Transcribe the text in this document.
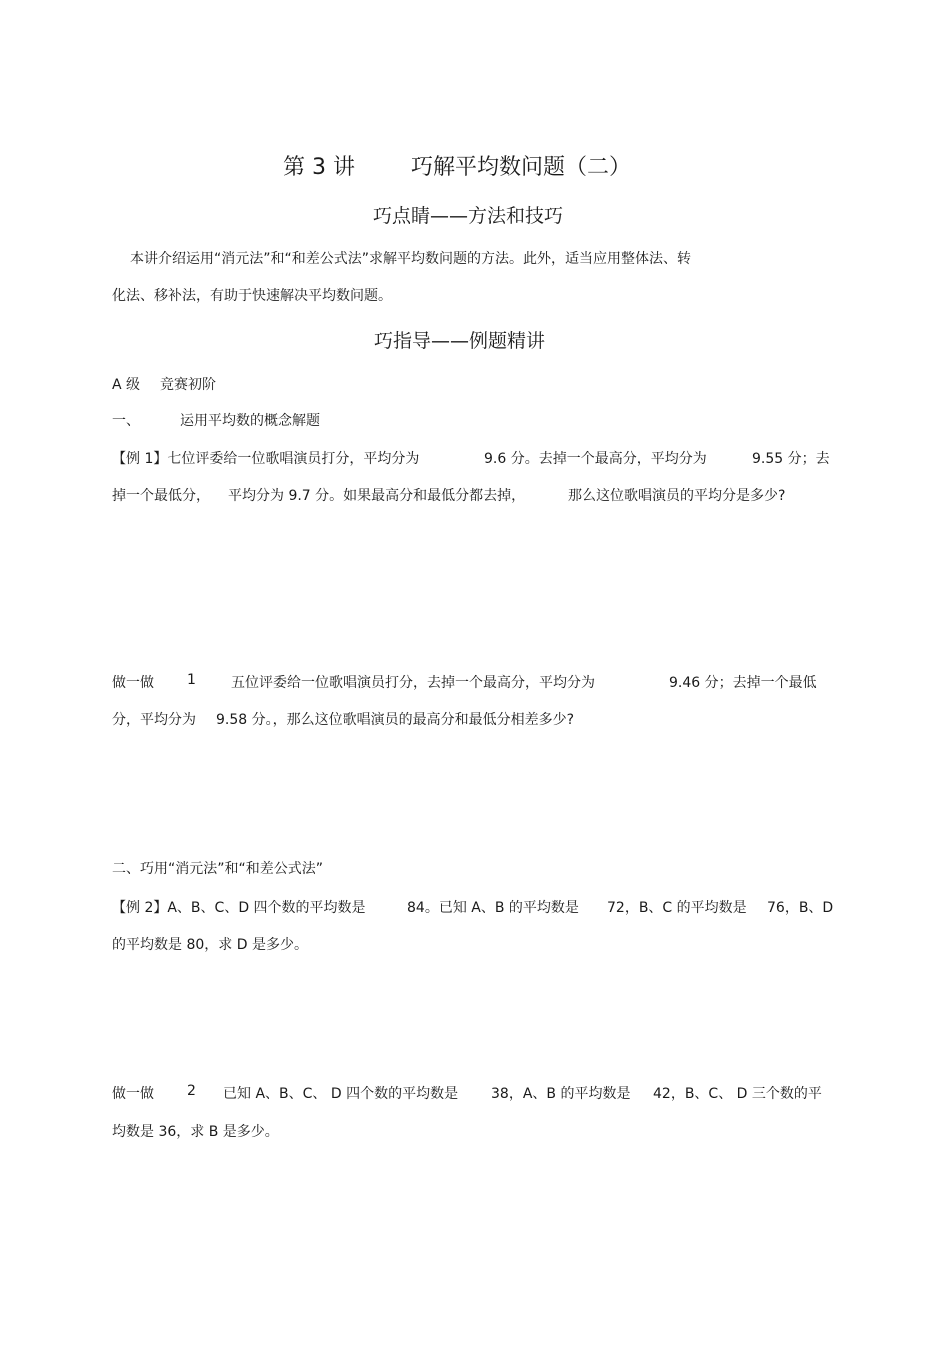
第 3 讲	巧解平均数问题（二）
巧点睛——方法和技巧
本讲介绍运用“消元法”和“和差公式法”求解平均数问题的方法。此外，适当应用整体法、转
化法、移补法，有助于快速解决平均数问题。
巧指导——例题精讲
A 级 竞赛初阶
一、	运用平均数的概念解题
【例 1】七位评委给一位歌唱演员打分，平均分为	9.6 分。去掉一个最高分，平均分为	9.55 分；去
掉一个最低分， 平均分为 9.7 分。如果最高分和最低分都去掉，	那么这位歌唱演员的平均分是多少?
做一做 1	五位评委给一位歌唱演员打分，去掉一个最高分，平均分为	9.46 分；去掉一个最低
分，平均分为 9.58 分。，那么这位歌唱演员的最高分和最低分相差多少?
二、巧用“消元法”和“和差公式法”
【例 2】A、B、C、D 四个数的平均数是	84。已知 A、B 的平均数是 72，B、C 的平均数是 76，B、D
的平均数是 80，求 D 是多少。
做一做 2 已知 A、B、C、 D 四个数的平均数是 38，A、B 的平均数是 42，B、C、 D 三个数的平
均数是 36，求 B 是多少。
